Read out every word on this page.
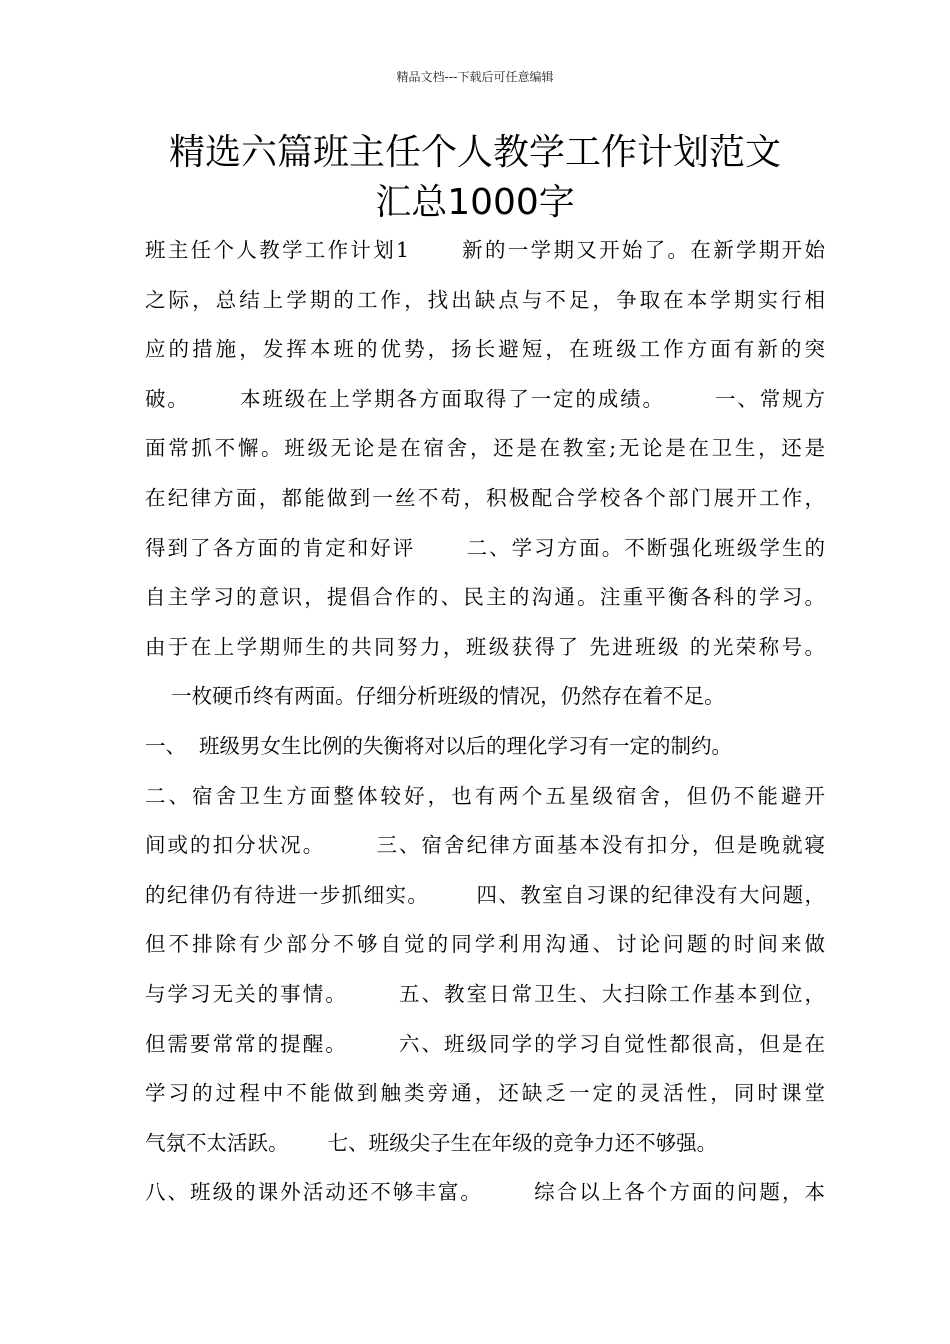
精品文档---下载后可任意编辑
精选六篇班主任个人教学工作计划范文
汇总1000字
班主任个人教学工作计划1      新的一学期又开始了。在新学期开始
之际，总结上学期的工作，找出缺点与不足，争取在本学期实行相
应的措施，发挥本班的优势，扬长避短，在班级工作方面有新的突
破。      本班级在上学期各方面取得了一定的成绩。      一、常规方
面常抓不懈。班级无论是在宿舍，还是在教室;无论是在卫生，还是
在纪律方面，都能做到一丝不苟，积极配合学校各个部门展开工作，
得到了各方面的肯定和好评      二、学习方面。不断强化班级学生的
自主学习的意识，提倡合作的、民主的沟通。注重平衡各科的学习。
由于在上学期师生的共同努力，班级获得了 先进班级 的光荣称号。
一枚硬币终有两面。仔细分析班级的情况，仍然存在着不足。
一、  班级男女生比例的失衡将对以后的理化学习有一定的制约。
二、宿舍卫生方面整体较好，也有两个五星级宿舍，但仍不能避开
间或的扣分状况。      三、宿舍纪律方面基本没有扣分，但是晚就寝
的纪律仍有待进一步抓细实。      四、教室自习课的纪律没有大问题，
但不排除有少部分不够自觉的同学利用沟通、讨论问题的时间来做
与学习无关的事情。      五、教室日常卫生、大扫除工作基本到位，
但需要常常的提醒。      六、班级同学的学习自觉性都很高，但是在
学习的过程中不能做到触类旁通，还缺乏一定的灵活性，同时课堂
气氛不太活跃。      七、班级尖子生在年级的竞争力还不够强。
八、班级的课外活动还不够丰富。      综合以上各个方面的问题，本
